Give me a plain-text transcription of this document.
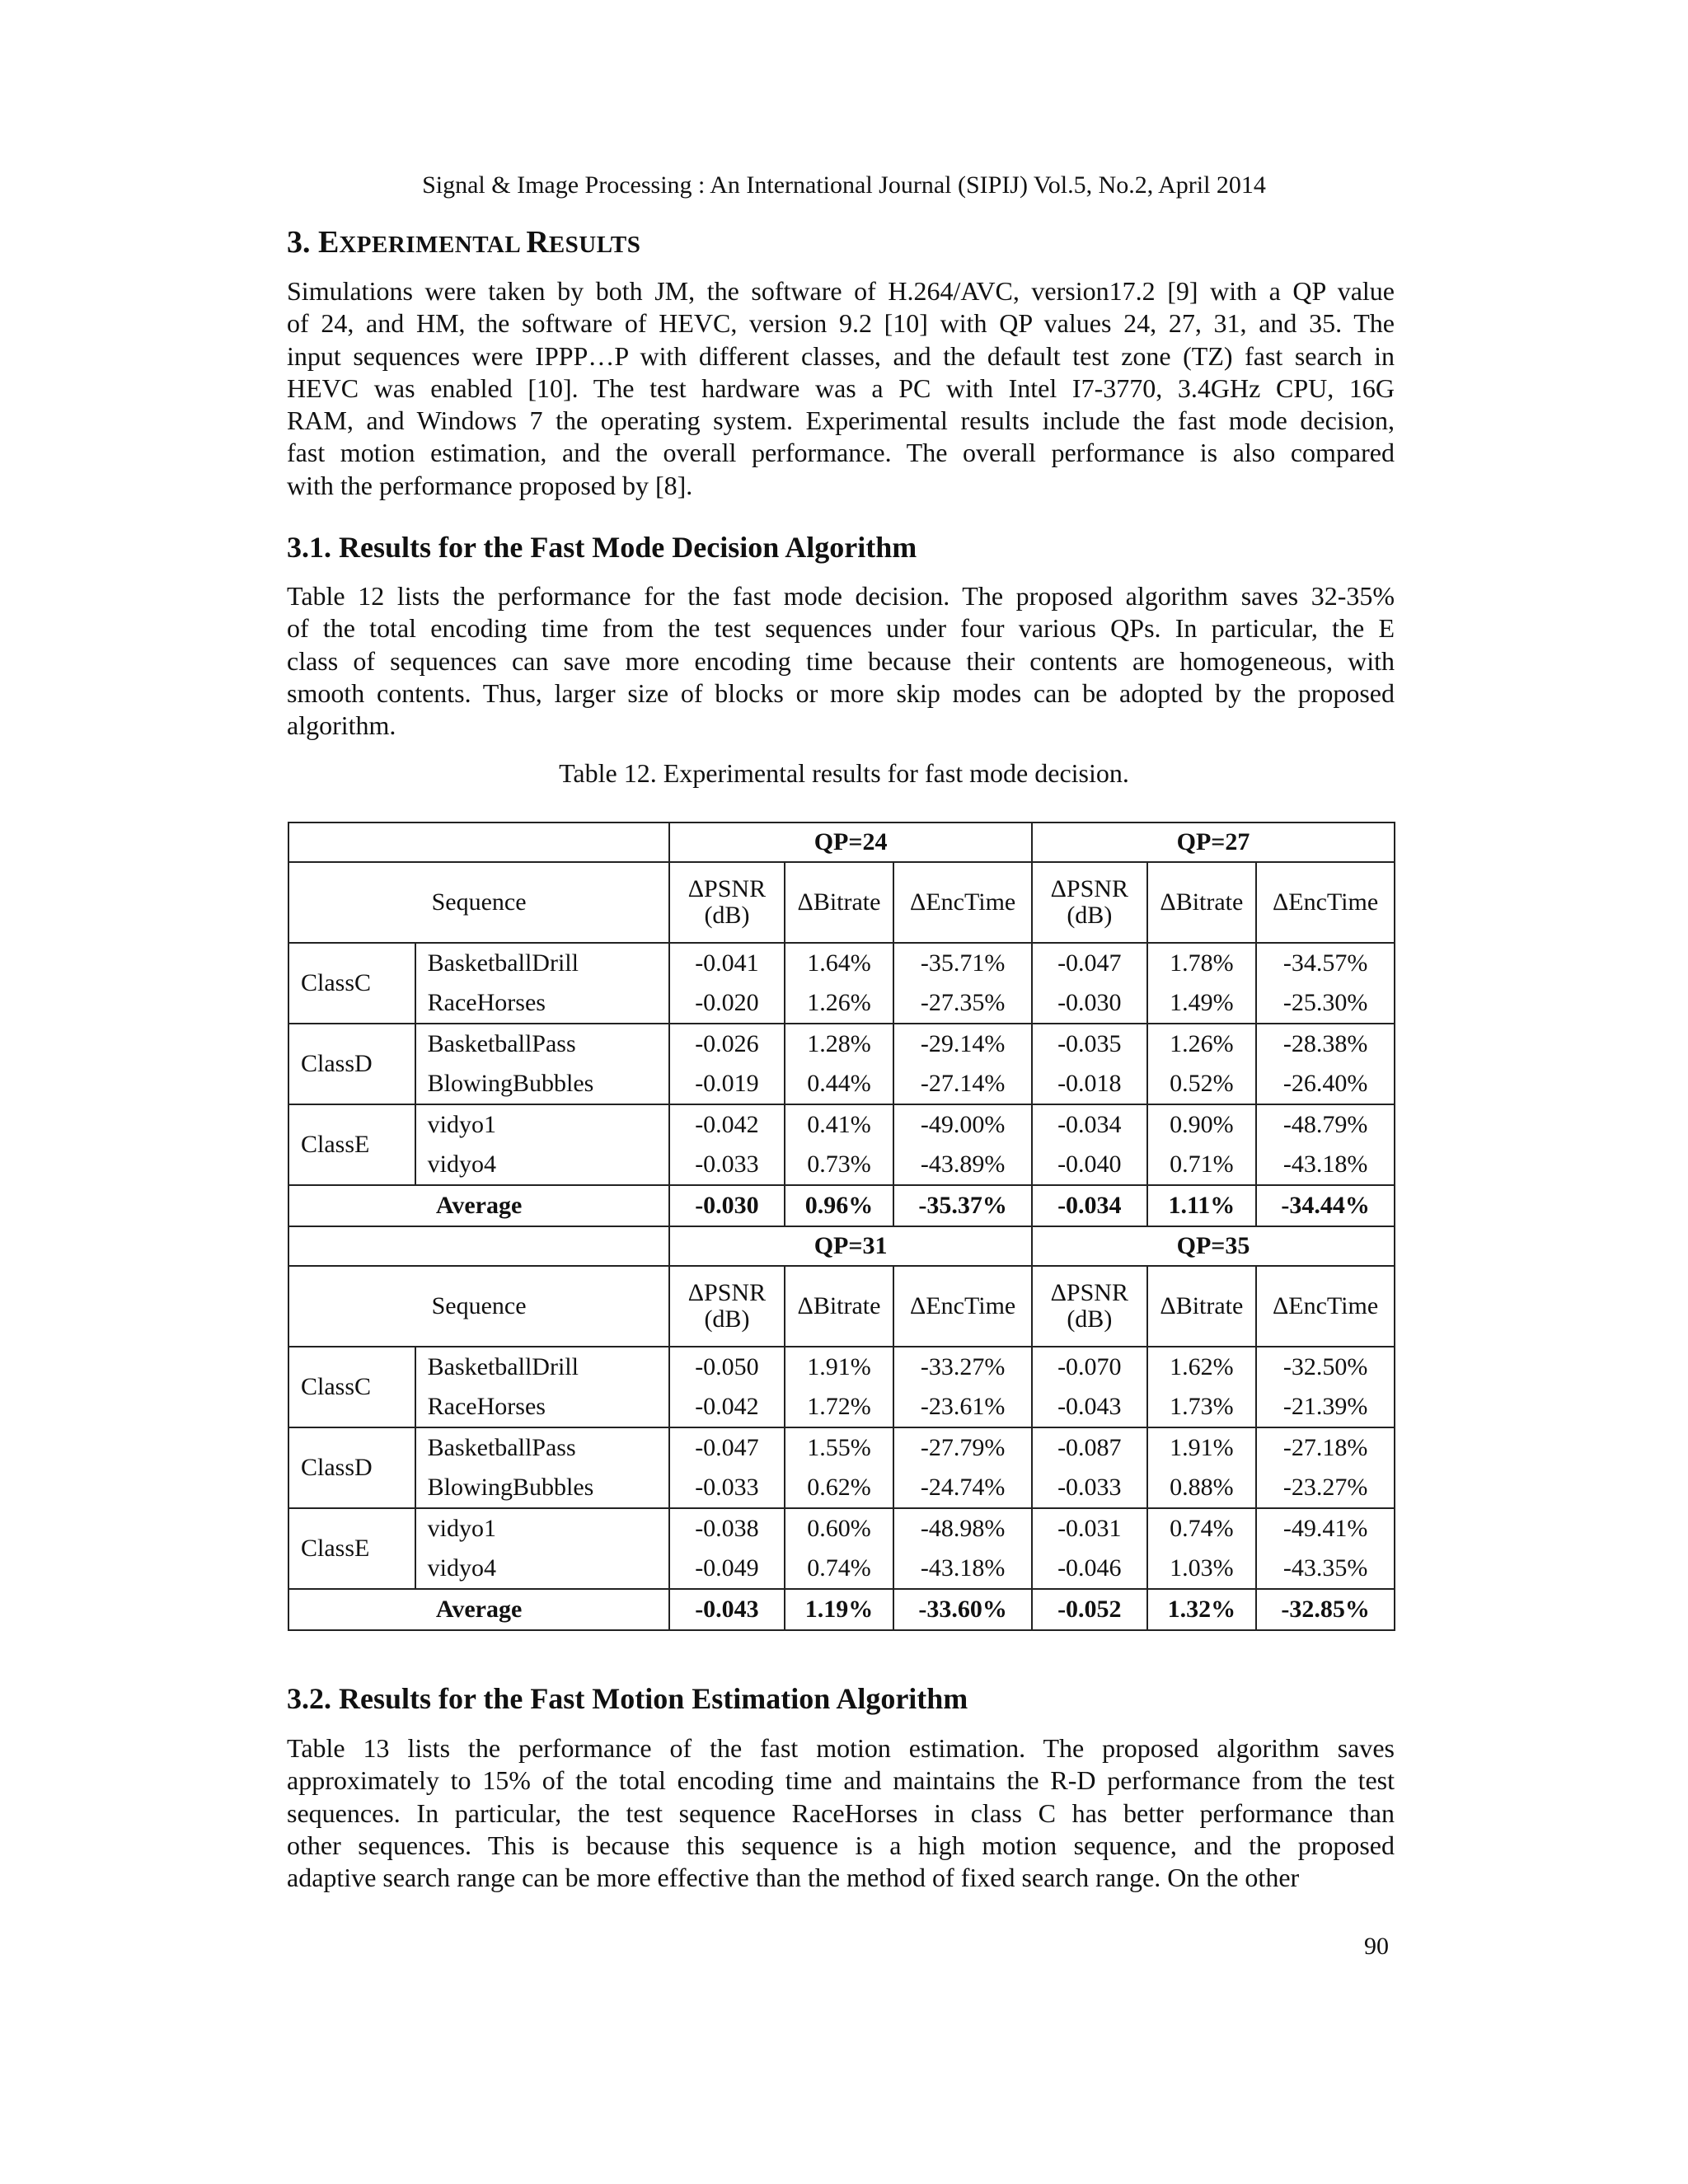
Signal & Image Processing : An International Journal (SIPIJ) Vol.5, No.2, April 2014
3. EXPERIMENTAL RESULTS
Simulations were taken by both JM, the software of H.264/AVC, version17.2 [9] with a QP value
of 24, and HM, the software of HEVC, version 9.2 [10] with QP values 24, 27, 31, and 35. The
input sequences were IPPP…P with different classes, and the default test zone (TZ) fast search in
HEVC was enabled [10]. The test hardware was a PC with Intel I7-3770, 3.4GHz CPU, 16G
RAM, and Windows 7 the operating system. Experimental results include the fast mode decision,
fast motion estimation, and the overall performance. The overall performance is also compared
with the performance proposed by [8].
3.1. Results for the Fast Mode Decision Algorithm
Table 12 lists the performance for the fast mode decision. The proposed algorithm saves 32-35%
of the total encoding time from the test sequences under four various QPs. In particular, the E
class of sequences can save more encoding time because their contents are homogeneous, with
smooth contents. Thus, larger size of blocks or more skip modes can be adopted by the proposed
algorithm.
Table 12. Experimental results for fast mode decision.
		QP=24			QP=27		
Sequence		ΔPSNR
(dB)	ΔBitrate	ΔEncTime	ΔPSNR
(dB)	ΔBitrate	ΔEncTime
ClassC	BasketballDrill	-0.041	1.64%	-35.71%	-0.047	1.78%	-34.57%
	RaceHorses	-0.020	1.26%	-27.35%	-0.030	1.49%	-25.30%
ClassD	BasketballPass	-0.026	1.28%	-29.14%	-0.035	1.26%	-28.38%
	BlowingBubbles	-0.019	0.44%	-27.14%	-0.018	0.52%	-26.40%
ClassE	vidyo1	-0.042	0.41%	-49.00%	-0.034	0.90%	-48.79%
	vidyo4	-0.033	0.73%	-43.89%	-0.040	0.71%	-43.18%
Average		-0.030	0.96%	-35.37%	-0.034	1.11%	-34.44%
		QP=31			QP=35		
Sequence		ΔPSNR
(dB)	ΔBitrate	ΔEncTime	ΔPSNR
(dB)	ΔBitrate	ΔEncTime
ClassC	BasketballDrill	-0.050	1.91%	-33.27%	-0.070	1.62%	-32.50%
	RaceHorses	-0.042	1.72%	-23.61%	-0.043	1.73%	-21.39%
ClassD	BasketballPass	-0.047	1.55%	-27.79%	-0.087	1.91%	-27.18%
	BlowingBubbles	-0.033	0.62%	-24.74%	-0.033	0.88%	-23.27%
ClassE	vidyo1	-0.038	0.60%	-48.98%	-0.031	0.74%	-49.41%
	vidyo4	-0.049	0.74%	-43.18%	-0.046	1.03%	-43.35%
Average		-0.043	1.19%	-33.60%	-0.052	1.32%	-32.85%
3.2. Results for the Fast Motion Estimation Algorithm
Table 13 lists the performance of the fast motion estimation. The proposed algorithm saves
approximately to 15% of the total encoding time and maintains the R-D performance from the test
sequences. In particular, the test sequence RaceHorses in class C has better performance than
other sequences. This is because this sequence is a high motion sequence, and the proposed
adaptive search range can be more effective than the method of fixed search range. On the other
90
